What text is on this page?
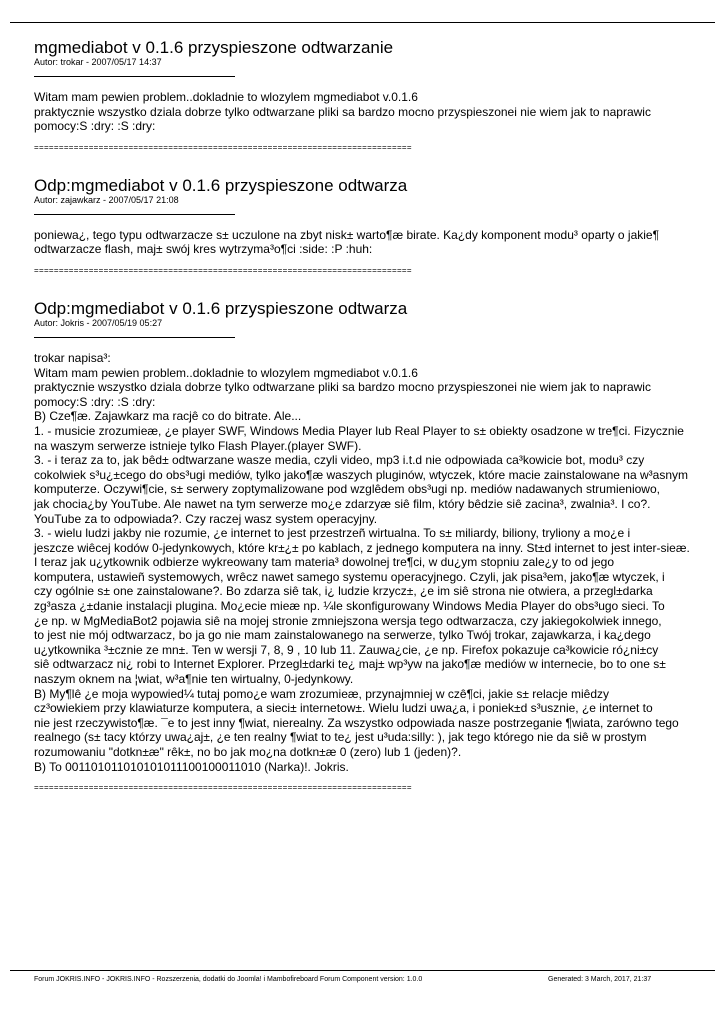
mgmediabot v 0.1.6 przyspieszone odtwarzanie

Autor: trokar - 2007/05/17 14:37

Witam mam pewien problem..dokladnie to wlozylem mgmediabot v.0.1.6
praktycznie wszystko dziala dobrze tylko odtwarzane pliki sa bardzo mocno przyspieszonei nie wiem jak to naprawic
pomocy:S :dry: :S :dry:

============================================================================

Odp:mgmediabot v 0.1.6 przyspieszone odtwarza

Autor: zajawkarz - 2007/05/17 21:08

poniewa¿, tego typu odtwarzacze s± uczulone na zbyt nisk± warto¶æ birate. Ka¿dy komponent modu³ oparty o jakie¶
odtwarzacze flash, maj± swój kres wytrzyma³o¶ci :side: :P :huh:

============================================================================

Odp:mgmediabot v 0.1.6 przyspieszone odtwarza

Autor: Jokris - 2007/05/19 05:27

trokar napisa³:
Witam mam pewien problem..dokladnie to wlozylem mgmediabot v.0.1.6
praktycznie wszystko dziala dobrze tylko odtwarzane pliki sa bardzo mocno przyspieszonei nie wiem jak to naprawic
pomocy:S :dry: :S :dry:
B) Cze¶æ. Zajawkarz ma racjê co do bitrate. Ale...
1. - musicie zrozumieæ, ¿e player SWF, Windows Media Player lub Real Player to s± obiekty osadzone w tre¶ci. Fizycznie
na waszym serwerze istnieje tylko Flash Player.(player SWF).
3. - i teraz za to, jak bêd± odtwarzane wasze media, czyli video, mp3 i.t.d nie odpowiada ca³kowicie bot, modu³ czy
cokolwiek s³u¿±cego do obs³ugi mediów, tylko jako¶æ waszych pluginów, wtyczek, które macie zainstalowane na w³asnym
komputerze. Oczywi¶cie, s± serwery zoptymalizowane pod wzglêdem obs³ugi np. mediów nadawanych strumieniowo,
jak chocia¿by YouTube. Ale nawet na tym serwerze mo¿e zdarzyæ siê film, który bêdzie siê zacina³, zwalnia³. I co?.
YouTube za to odpowiada?. Czy raczej wasz system operacyjny.
3. - wielu ludzi jakby nie rozumie, ¿e internet to jest przestrzeñ wirtualna. To s± miliardy, biliony, tryliony a mo¿e i
jeszcze wiêcej kodów 0-jedynkowych, które kr±¿± po kablach, z jednego komputera na inny. St±d internet to jest inter-sieæ.
I teraz jak u¿ytkownik odbierze wykreowany tam materia³ dowolnej tre¶ci, w du¿ym stopniu zale¿y to od jego
komputera, ustawieñ systemowych, wrêcz nawet samego systemu operacyjnego. Czyli, jak pisa³em, jako¶æ wtyczek, i
czy ogólnie s± one zainstalowane?. Bo zdarza siê tak, i¿ ludzie krzycz±, ¿e im siê strona nie otwiera, a przegl±darka
zg³asza ¿±danie instalacji plugina. Mo¿ecie mieæ np. ¼le skonfigurowany Windows Media Player do obs³ugo sieci. To
¿e np. w MgMediaBot2 pojawia siê na mojej stronie zmniejszona wersja tego odtwarzacza, czy jakiegokolwiek innego,
to jest nie mój odtwarzacz, bo ja go nie mam zainstalowanego na serwerze, tylko Twój trokar, zajawkarza, i ka¿dego
u¿ytkownika ³±cznie ze mn±. Ten w wersji 7, 8, 9 , 10 lub 11. Zauwa¿cie, ¿e np. Firefox pokazuje ca³kowicie ró¿ni±cy
siê odtwarzacz ni¿ robi to Internet Explorer. Przegl±darki te¿ maj± wp³yw na jako¶æ mediów w internecie, bo to one s±
naszym oknem na ¦wiat, w³a¶nie ten wirtualny, 0-jedynkowy.
B) My¶lê ¿e moja wypowied¼ tutaj pomo¿e wam zrozumieæ, przynajmniej w czê¶ci, jakie s± relacje miêdzy
cz³owiekiem przy klawiaturze komputera, a sieci± internetow±. Wielu ludzi uwa¿a, i poniek±d s³usznie, ¿e internet to
nie jest rzeczywisto¶æ. ¯e to jest inny ¶wiat, nierealny. Za wszystko odpowiada nasze postrzeganie ¶wiata, zarówno tego
realnego (s± tacy którzy uwa¿aj±, ¿e ten realny ¶wiat to te¿ jest u³uda:silly: ), jak tego którego nie da siê w prostym
rozumowaniu "dotkn±æ" rêk±, no bo jak mo¿na dotkn±æ 0 (zero) lub 1 (jeden)?.
B) To 0011010110101010111001000110​10 (Narka)!. Jokris.

============================================================================

Forum JOKRIS.INFO - JOKRIS.INFO - Rozszerzenia, dodatki do Joomla! i Mambofireboard Forum Component version: 1.0.0	Generated: 3 March, 2017, 21:37
